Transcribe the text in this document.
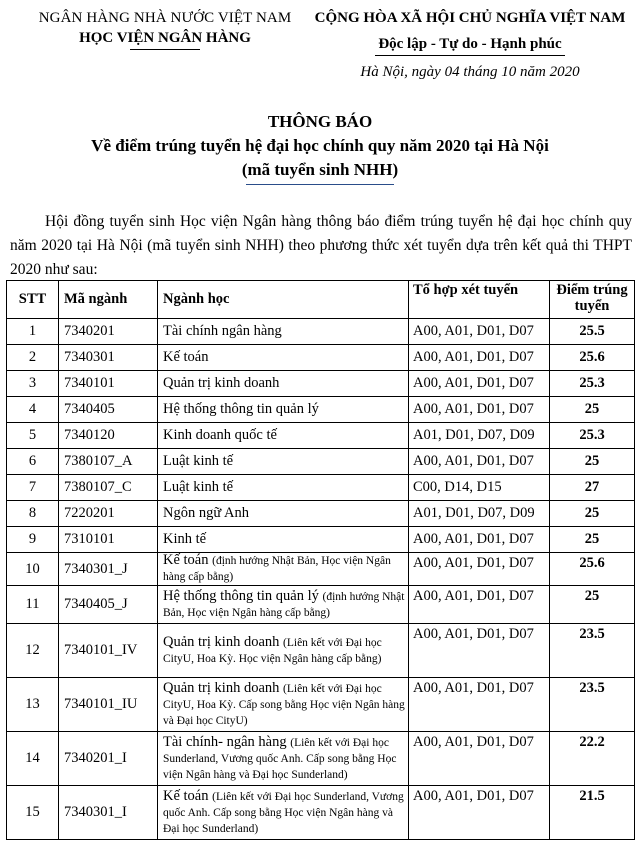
NGÂN HÀNG NHÀ NƯỚC VIỆT NAM
HỌC VIỆN NGÂN HÀNG
CỘNG HÒA XÃ HỘI CHỦ NGHĨA VIỆT NAM
Độc lập - Tự do - Hạnh phúc
Hà Nội, ngày 04 tháng 10 năm 2020
THÔNG BÁO
Về điểm trúng tuyển hệ đại học chính quy năm 2020 tại Hà Nội
(mã tuyển sinh NHH)
Hội đồng tuyển sinh Học viện Ngân hàng thông báo điểm trúng tuyển hệ đại học chính quy năm 2020 tại Hà Nội (mã tuyển sinh NHH) theo phương thức xét tuyển dựa trên kết quả thi THPT 2020 như sau:
STT	Mã ngành	Ngành học	Tổ hợp xét tuyển	Điểm trúng tuyển
1	7340201	Tài chính ngân hàng	A00, A01, D01, D07	25.5
2	7340301	Kế toán	A00, A01, D01, D07	25.6
3	7340101	Quản trị kinh doanh	A00, A01, D01, D07	25.3
4	7340405	Hệ thống thông tin quản lý	A00, A01, D01, D07	25
5	7340120	Kinh doanh quốc tế	A01, D01, D07, D09	25.3
6	7380107_A	Luật kinh tế	A00, A01, D01, D07	25
7	7380107_C	Luật kinh tế	C00, D14, D15	27
8	7220201	Ngôn ngữ Anh	A01, D01, D07, D09	25
9	7310101	Kinh tế	A00, A01, D01, D07	25
10	7340301_J	Kế toán (định hướng Nhật Bản, Học viện Ngân hàng cấp bằng)	A00, A01, D01, D07	25.6
11	7340405_J	Hệ thống thông tin quản lý (định hướng Nhật Bản, Học viện Ngân hàng cấp bằng)	A00, A01, D01, D07	25
12	7340101_IV	Quản trị kinh doanh (Liên kết với Đại học CityU, Hoa Kỳ. Học viện Ngân hàng cấp bằng)	A00, A01, D01, D07	23.5
13	7340101_IU	Quản trị kinh doanh (Liên kết với Đại học CityU, Hoa Kỳ. Cấp song bằng Học viện Ngân hàng và Đại học CityU)	A00, A01, D01, D07	23.5
14	7340201_I	Tài chính- ngân hàng (Liên kết với Đại học Sunderland, Vương quốc Anh. Cấp song bằng Học viện Ngân hàng và Đại học Sunderland)	A00, A01, D01, D07	22.2
15	7340301_I	Kế toán (Liên kết với Đại học Sunderland, Vương quốc Anh. Cấp song bằng Học viện Ngân hàng và Đại học Sunderland)	A00, A01, D01, D07	21.5
